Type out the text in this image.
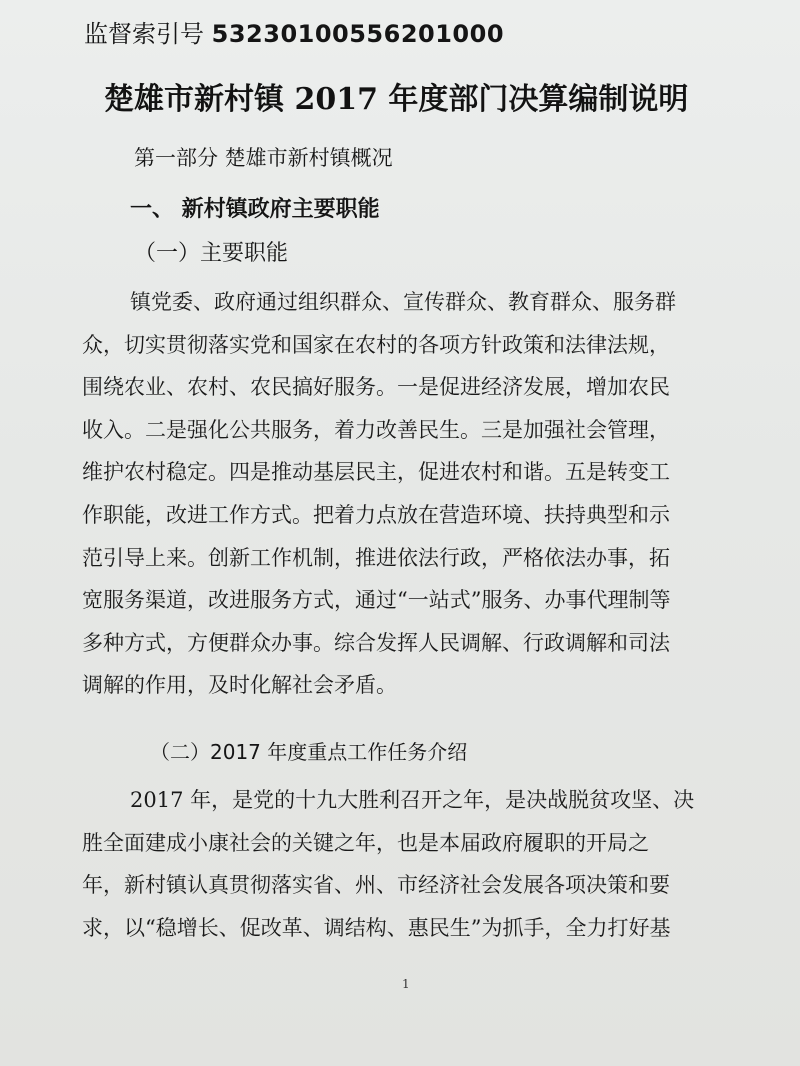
监督索引号 53230100556201000
楚雄市新村镇 2017 年度部门决算编制说明
第一部分 楚雄市新村镇概况
一、 新村镇政府主要职能
（一）主要职能
镇党委、政府通过组织群众、宣传群众、教育群众、服务群
众，切实贯彻落实党和国家在农村的各项方针政策和法律法规，
围绕农业、农村、农民搞好服务。一是促进经济发展，增加农民
收入。二是强化公共服务，着力改善民生。三是加强社会管理，
维护农村稳定。四是推动基层民主，促进农村和谐。五是转变工
作职能，改进工作方式。把着力点放在营造环境、扶持典型和示
范引导上来。创新工作机制，推进依法行政，严格依法办事，拓
宽服务渠道，改进服务方式，通过“一站式”服务、办事代理制等
多种方式，方便群众办事。综合发挥人民调解、行政调解和司法
调解的作用，及时化解社会矛盾。
（二）2017 年度重点工作任务介绍
2017 年，是党的十九大胜利召开之年，是决战脱贫攻坚、决
胜全面建成小康社会的关键之年，也是本届政府履职的开局之
年，新村镇认真贯彻落实省、州、市经济社会发展各项决策和要
求，以“稳增长、促改革、调结构、惠民生”为抓手，全力打好基
1
